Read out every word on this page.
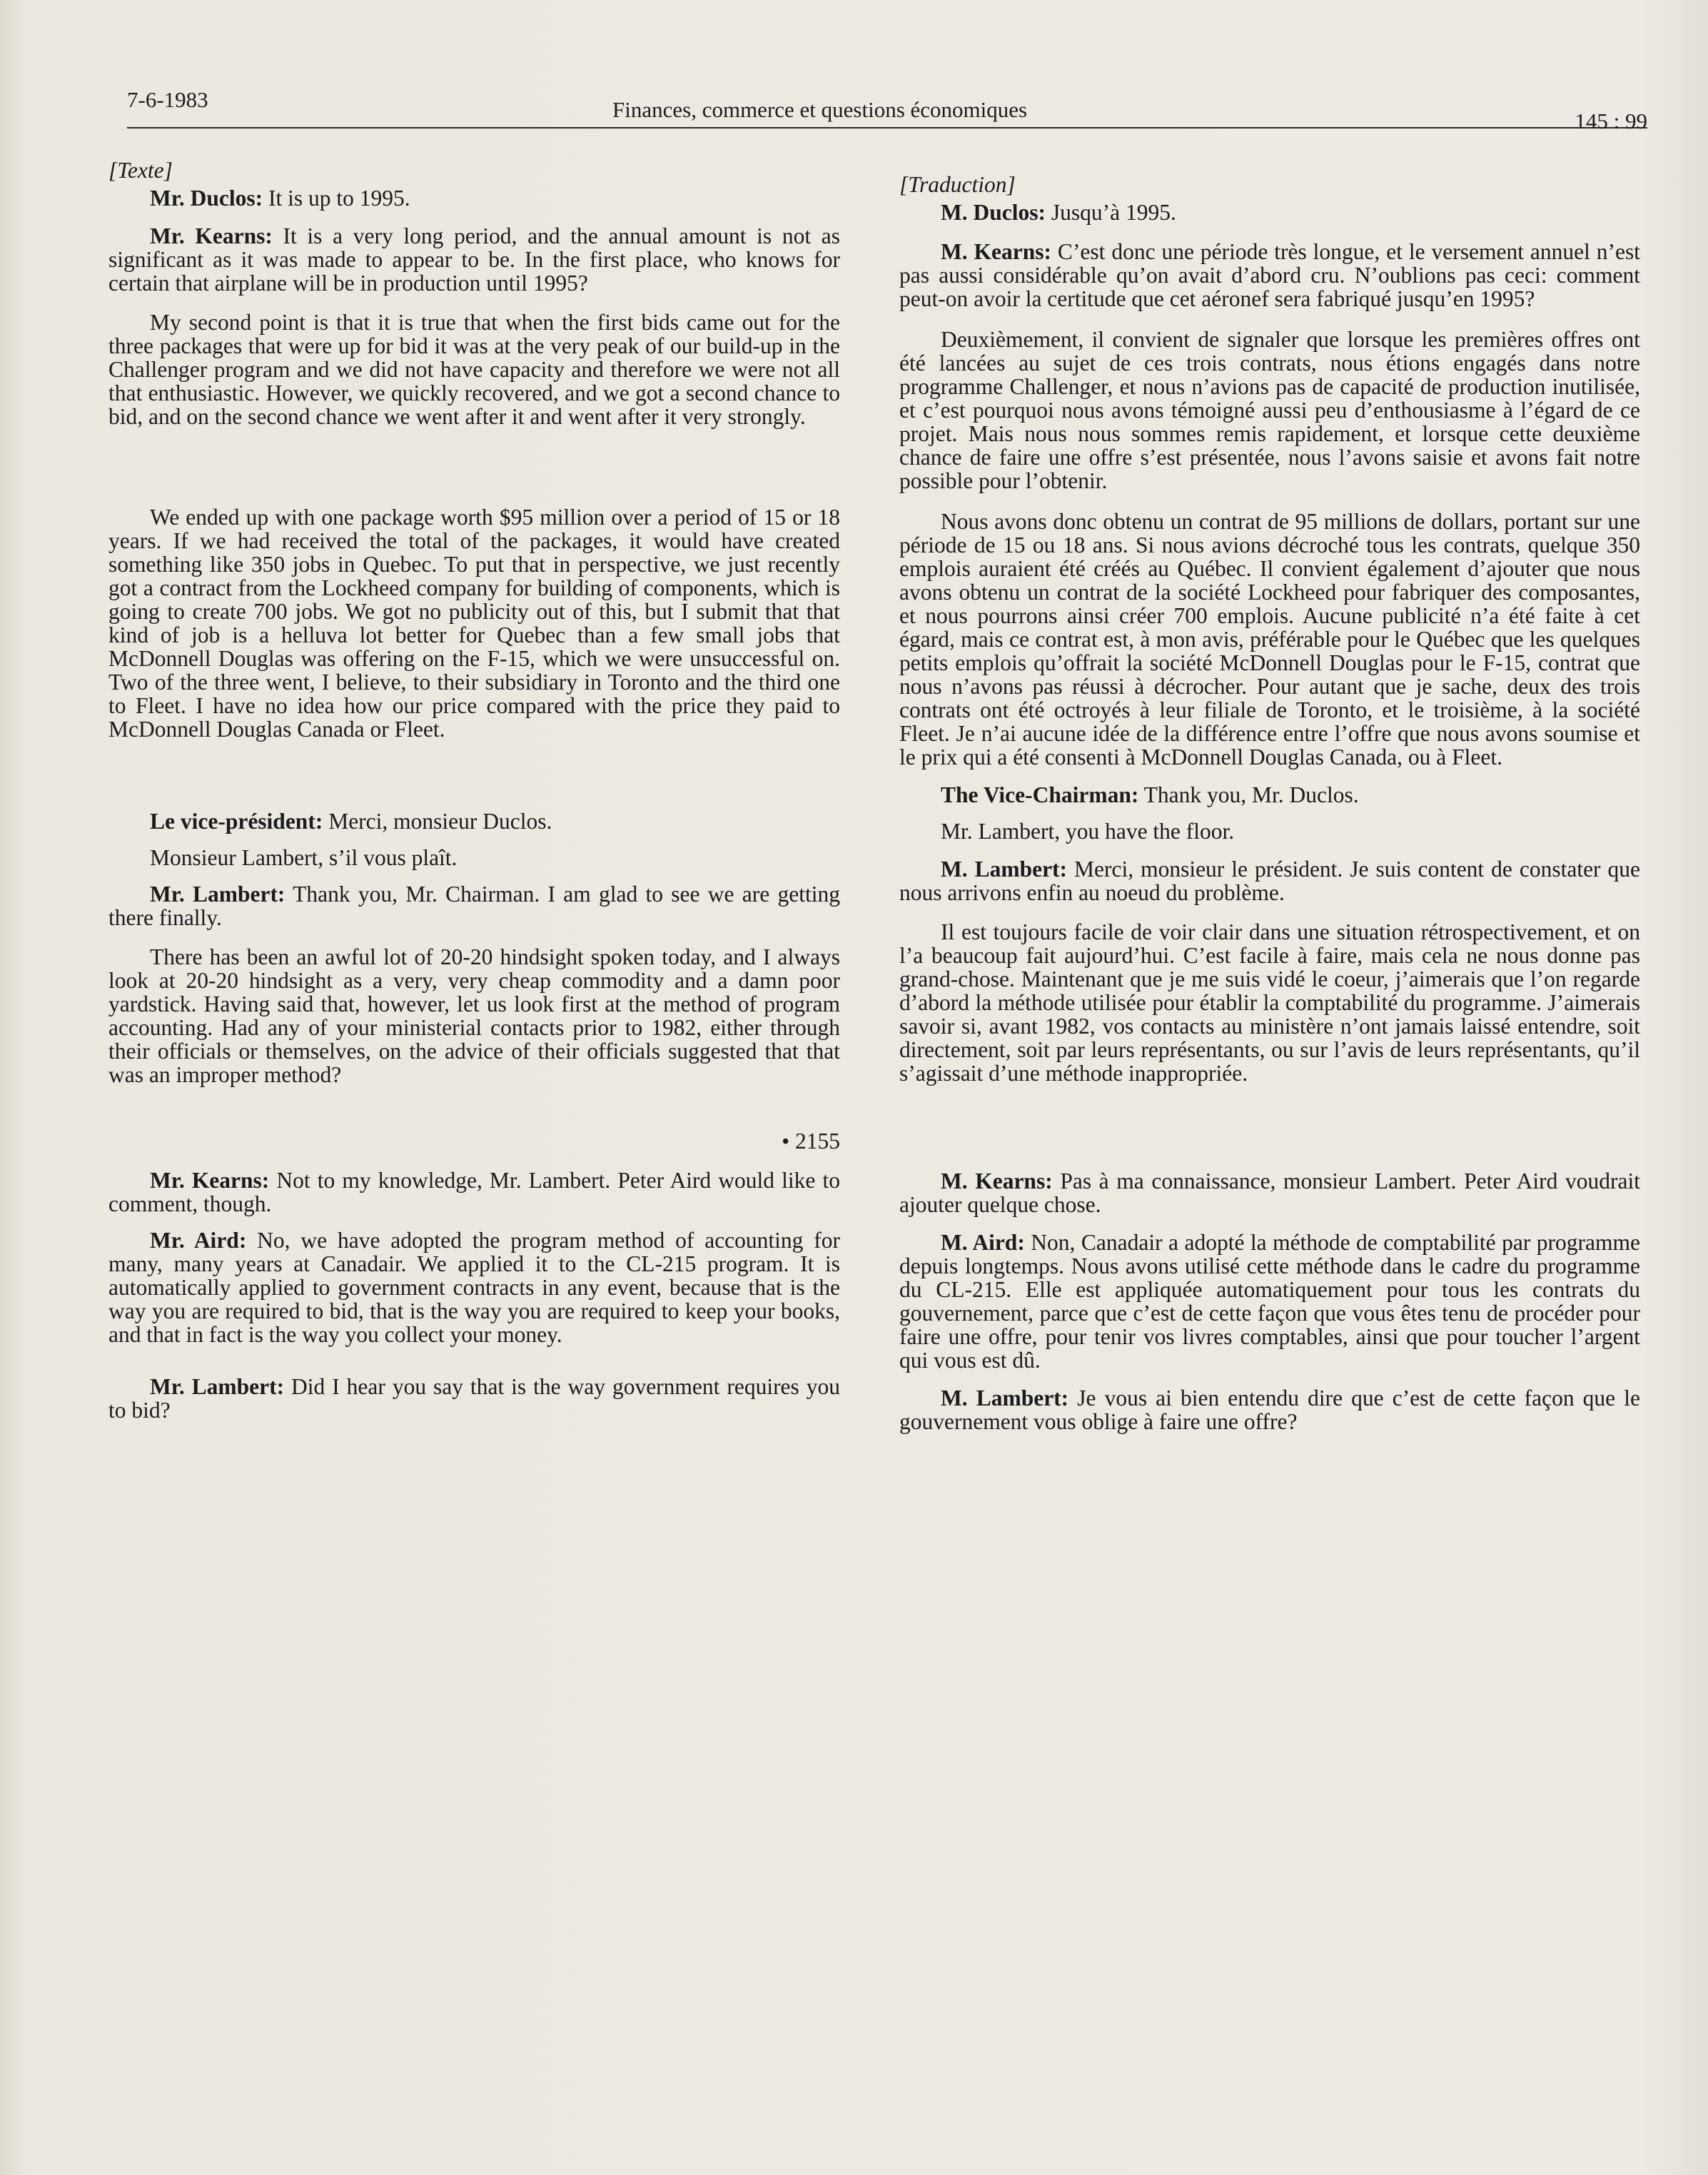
7-6-1983	Finances, commerce et questions économiques	145 : 99

[Texte]

Mr. Duclos: It is up to 1995.

Mr. Kearns: It is a very long period, and the annual amount is not as significant as it was made to appear to be. In the first place, who knows for certain that airplane will be in production until 1995?

My second point is that it is true that when the first bids came out for the three packages that were up for bid it was at the very peak of our build-up in the Challenger program and we did not have capacity and therefore we were not all that enthusiastic. However, we quickly recovered, and we got a second chance to bid, and on the second chance we went after it and went after it very strongly.

We ended up with one package worth $95 million over a period of 15 or 18 years. If we had received the total of the packages, it would have created something like 350 jobs in Quebec. To put that in perspective, we just recently got a contract from the Lockheed company for building of components, which is going to create 700 jobs. We got no publicity out of this, but I submit that that kind of job is a helluva lot better for Quebec than a few small jobs that McDonnell Douglas was offering on the F-15, which we were unsuccessful on. Two of the three went, I believe, to their subsidiary in Toronto and the third one to Fleet. I have no idea how our price compared with the price they paid to McDonnell Douglas Canada or Fleet.

Le vice-président: Merci, monsieur Duclos.

Monsieur Lambert, s’il vous plaît.

Mr. Lambert: Thank you, Mr. Chairman. I am glad to see we are getting there finally.

There has been an awful lot of 20-20 hindsight spoken today, and I always look at 20-20 hindsight as a very, very cheap commodity and a damn poor yardstick. Having said that, however, let us look first at the method of program accounting. Had any of your ministerial contacts prior to 1982, either through their officials or themselves, on the advice of their officials suggested that that was an improper method?

• 2155

Mr. Kearns: Not to my knowledge, Mr. Lambert. Peter Aird would like to comment, though.

Mr. Aird: No, we have adopted the program method of accounting for many, many years at Canadair. We applied it to the CL-215 program. It is automatically applied to government contracts in any event, because that is the way you are required to bid, that is the way you are required to keep your books, and that in fact is the way you collect your money.

Mr. Lambert: Did I hear you say that is the way government requires you to bid?

[Traduction]

M. Duclos: Jusqu’à 1995.

M. Kearns: C’est donc une période très longue, et le versement annuel n’est pas aussi considérable qu’on avait d’abord cru. N’oublions pas ceci: comment peut-on avoir la certitude que cet aéronef sera fabriqué jusqu’en 1995?

Deuxièmement, il convient de signaler que lorsque les premières offres ont été lancées au sujet de ces trois contrats, nous étions engagés dans notre programme Challenger, et nous n’avions pas de capacité de production inutilisée, et c’est pourquoi nous avons témoigné aussi peu d’enthousiasme à l’égard de ce projet. Mais nous nous sommes remis rapidement, et lorsque cette deuxième chance de faire une offre s’est présentée, nous l’avons saisie et avons fait notre possible pour l’obtenir.

Nous avons donc obtenu un contrat de 95 millions de dollars, portant sur une période de 15 ou 18 ans. Si nous avions décroché tous les contrats, quelque 350 emplois auraient été créés au Québec. Il convient également d’ajouter que nous avons obtenu un contrat de la société Lockheed pour fabriquer des composantes, et nous pourrons ainsi créer 700 emplois. Aucune publicité n’a été faite à cet égard, mais ce contrat est, à mon avis, préférable pour le Québec que les quelques petits emplois qu’offrait la société McDonnell Douglas pour le F-15, contrat que nous n’avons pas réussi à décrocher. Pour autant que je sache, deux des trois contrats ont été octroyés à leur filiale de Toronto, et le troisième, à la société Fleet. Je n’ai aucune idée de la différence entre l’offre que nous avons soumise et le prix qui a été consenti à McDonnell Douglas Canada, ou à Fleet.

The Vice-Chairman: Thank you, Mr. Duclos.

Mr. Lambert, you have the floor.

M. Lambert: Merci, monsieur le président. Je suis content de constater que nous arrivons enfin au noeud du problème.

Il est toujours facile de voir clair dans une situation rétrospectivement, et on l’a beaucoup fait aujourd’hui. C’est facile à faire, mais cela ne nous donne pas grand-chose. Maintenant que je me suis vidé le coeur, j’aimerais que l’on regarde d’abord la méthode utilisée pour établir la comptabilité du programme. J’aimerais savoir si, avant 1982, vos contacts au ministère n’ont jamais laissé entendre, soit directement, soit par leurs représentants, ou sur l’avis de leurs représentants, qu’il s’agissait d’une méthode inappropriée.

M. Kearns: Pas à ma connaissance, monsieur Lambert. Peter Aird voudrait ajouter quelque chose.

M. Aird: Non, Canadair a adopté la méthode de comptabilité par programme depuis longtemps. Nous avons utilisé cette méthode dans le cadre du programme du CL-215. Elle est appliquée automatiquement pour tous les contrats du gouvernement, parce que c’est de cette façon que vous êtes tenu de procéder pour faire une offre, pour tenir vos livres comptables, ainsi que pour toucher l’argent qui vous est dû.

M. Lambert: Je vous ai bien entendu dire que c’est de cette façon que le gouvernement vous oblige à faire une offre?
